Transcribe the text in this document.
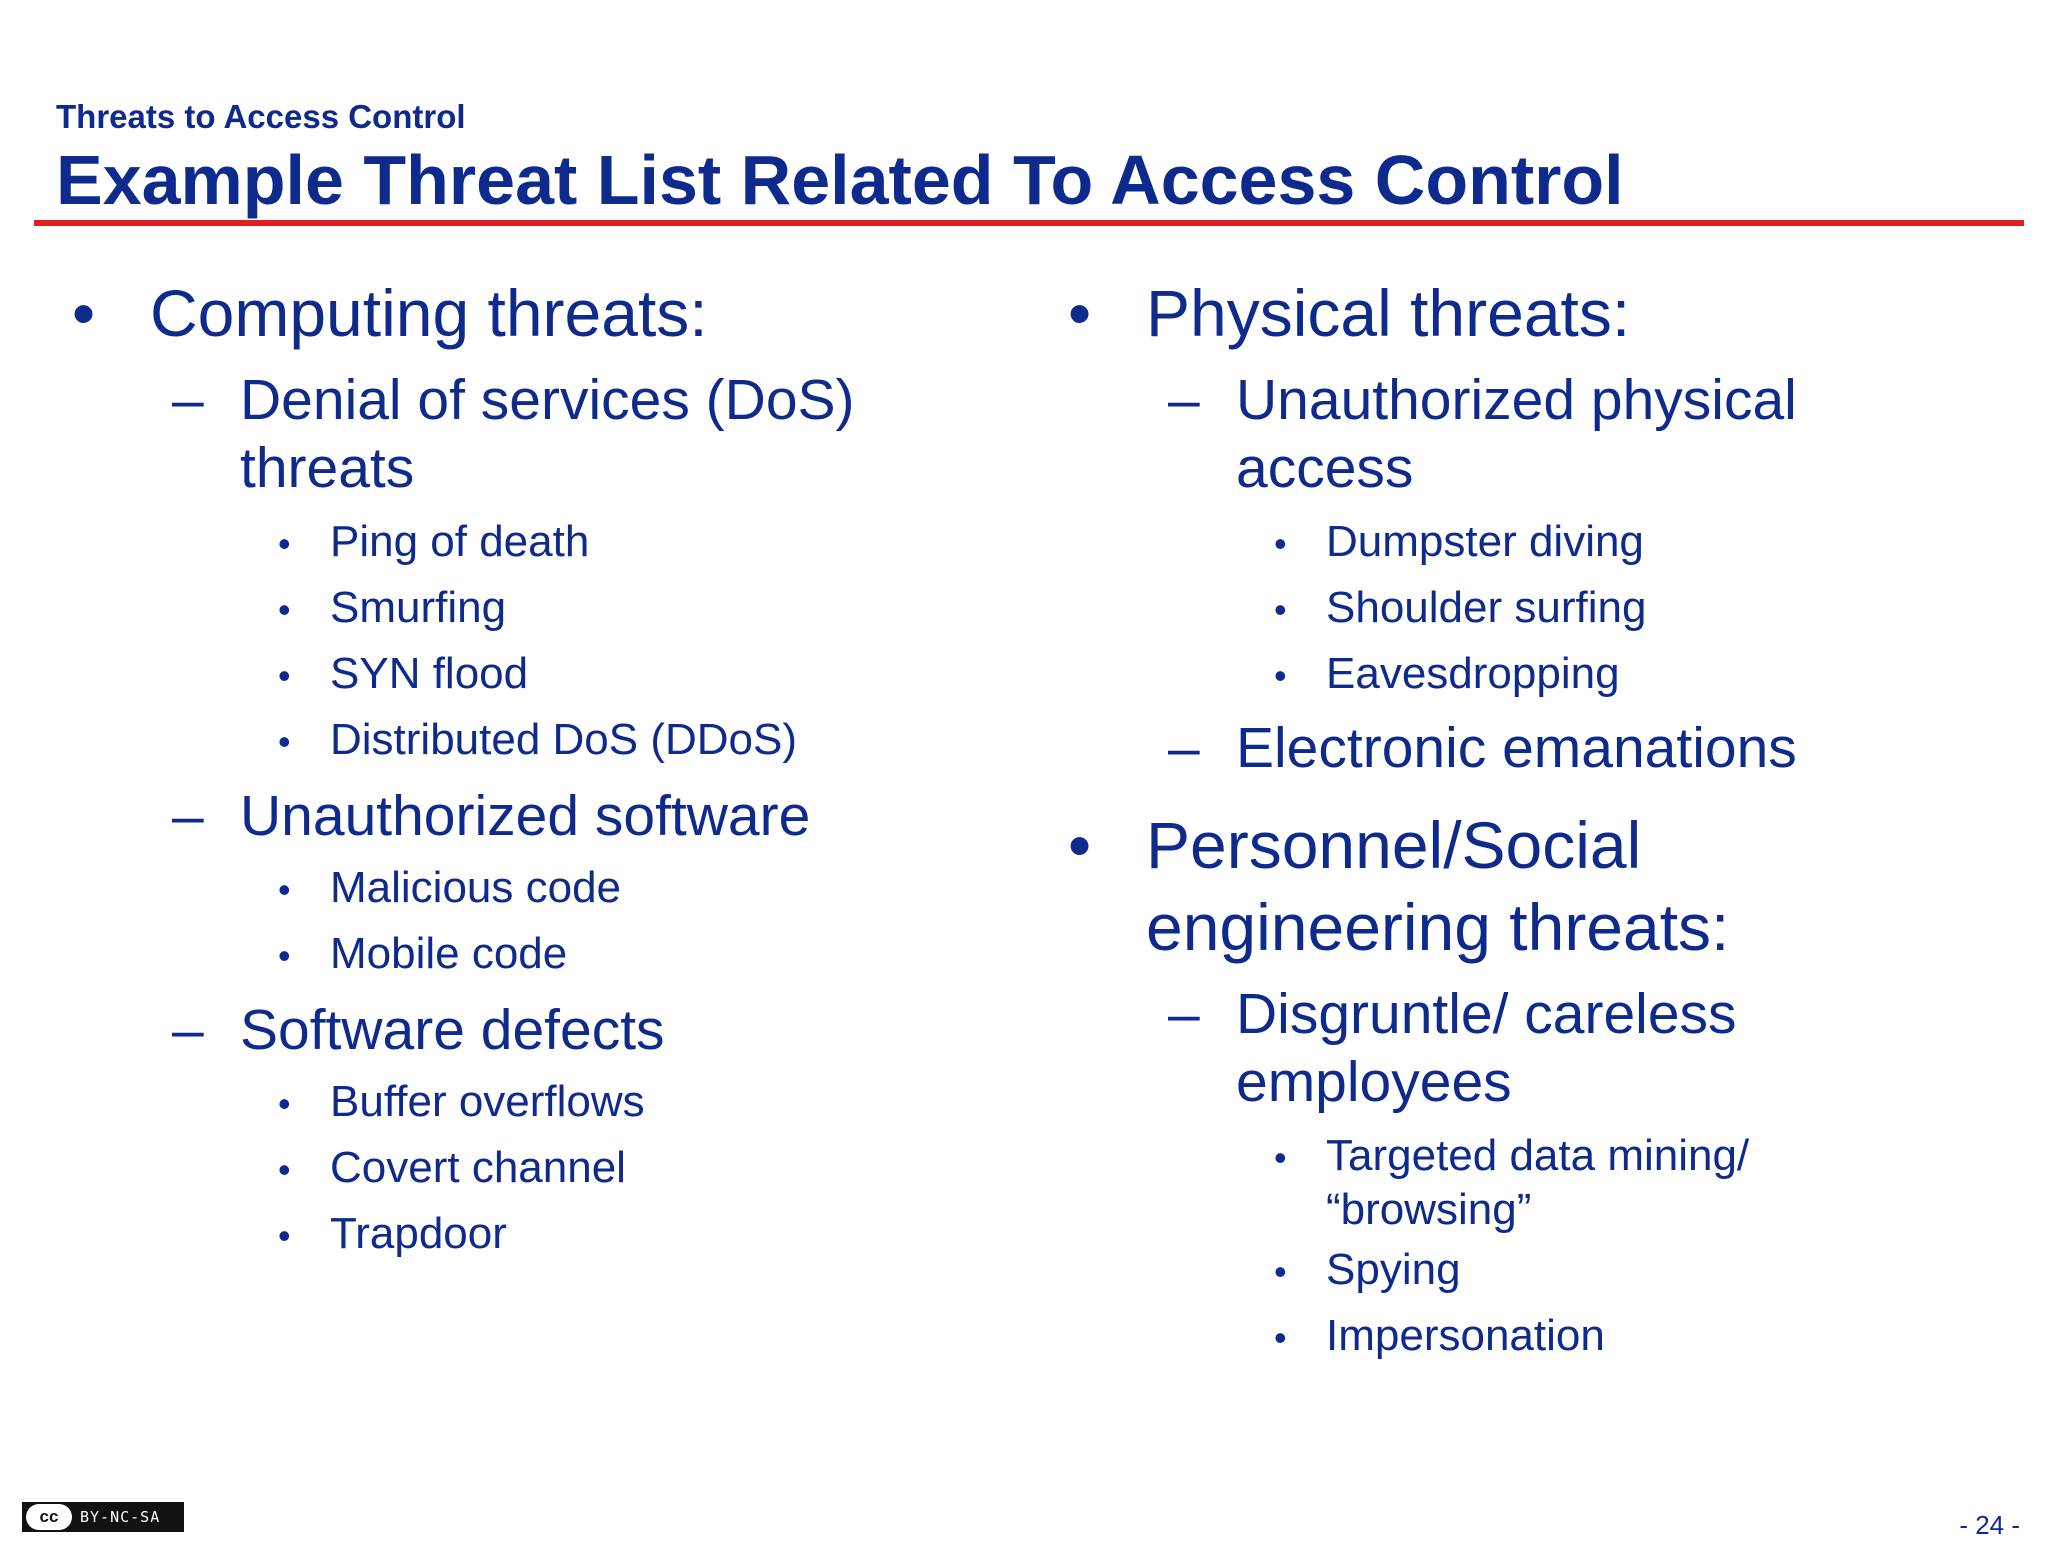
Threats to Access Control
Example Threat List Related To Access Control
• Computing threats:
– Denial of services (DoS)
threats
• Ping of death
• Smurfing
• SYN flood
• Distributed DoS (DDoS)
– Unauthorized software
• Malicious code
• Mobile code
– Software defects
• Buffer overflows
• Covert channel
• Trapdoor
• Physical threats:
– Unauthorized physical
access
• Dumpster diving
• Shoulder surfing
• Eavesdropping
– Electronic emanations
• Personnel/Social
engineering threats:
– Disgruntle/ careless
employees
• Targeted data mining/
“browsing”
• Spying
• Impersonation
cc	BY-NC-SA	- 24 -
